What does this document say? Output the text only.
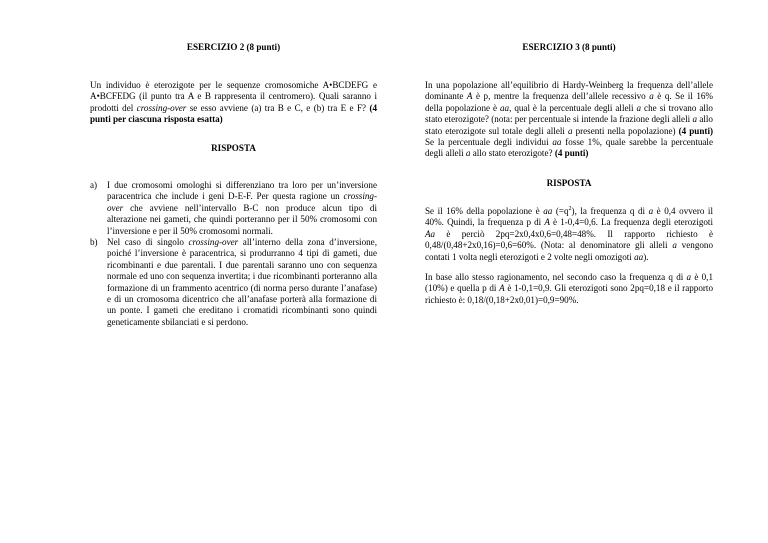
ESERCIZIO 2 (8 punti)

Un individuo è eterozigote per le sequenze cromosomiche A•BCDEFG e A•BCFEDG (il punto tra A e B rappresenta il centromero). Quali saranno i prodotti del crossing-over se esso avviene (a) tra B e C, e (b) tra E e F? (4 punti per ciascuna risposta esatta)

RISPOSTA
a) I due cromosomi omologhi si differenziano tra loro per un’inversione paracentrica che include i geni D-E-F. Per questa ragione un crossing-over che avviene nell’intervallo B-C non produce alcun tipo di alterazione nei gameti, che quindi porteranno per il 50% cromosomi con l’inversione e per il 50% cromosomi normali.
b) Nel caso di singolo crossing-over all’interno della zona d’inversione, poiché l’inversione è paracentrica, si produrranno 4 tipi di gameti, due ricombinanti e due parentali. I due parentali saranno uno con sequenza normale ed uno con sequenza invertita; i due ricombinanti porteranno alla formazione di un frammento acentrico (di norma perso durante l’anafase) e di un cromosoma dicentrico che all’anafase porterà alla formazione di un ponte. I gameti che ereditano i cromatidi ricombinanti sono quindi geneticamente sbilanciati e si perdono.
ESERCIZIO 3 (8 punti)

In una popolazione all’equilibrio di Hardy-Weinberg la frequenza dell’allele dominante A è p, mentre la frequenza dell’allele recessivo a è q. Se il 16% della popolazione è aa, qual è la percentuale degli alleli a che si trovano allo stato eterozigote? (nota: per percentuale si intende la frazione degli alleli a allo stato eterozigote sul totale degli alleli a presenti nella popolazione) (4 punti) Se la percentuale degli individui aa fosse 1%, quale sarebbe la percentuale degli alleli a allo stato eterozigote? (4 punti)

RISPOSTA

Se il 16% della popolazione è aa $(=q^2)$, la frequenza q di a è 0,4 ovvero il 40%. Quindi, la frequenza p di A è 1-0,4=0,6. La frequenza degli eterozigoti Aa è perciò 2pq=2x0,4x0,6=0,48=48%. Il rapporto richiesto è 0,48/(0,48+2x0,16)=0,6=60%. (Nota: al denominatore gli alleli a vengono contati 1 volta negli eterozigoti e 2 volte negli omozigoti aa).

In base allo stesso ragionamento, nel secondo caso la frequenza q di a è 0,1 (10%) e quella p di A è 1-0,1=0,9. Gli eterozigoti sono 2pq=0,18 e il rapporto richiesto è: 0,18/(0,18+2x0,01)=0,9=90%.
